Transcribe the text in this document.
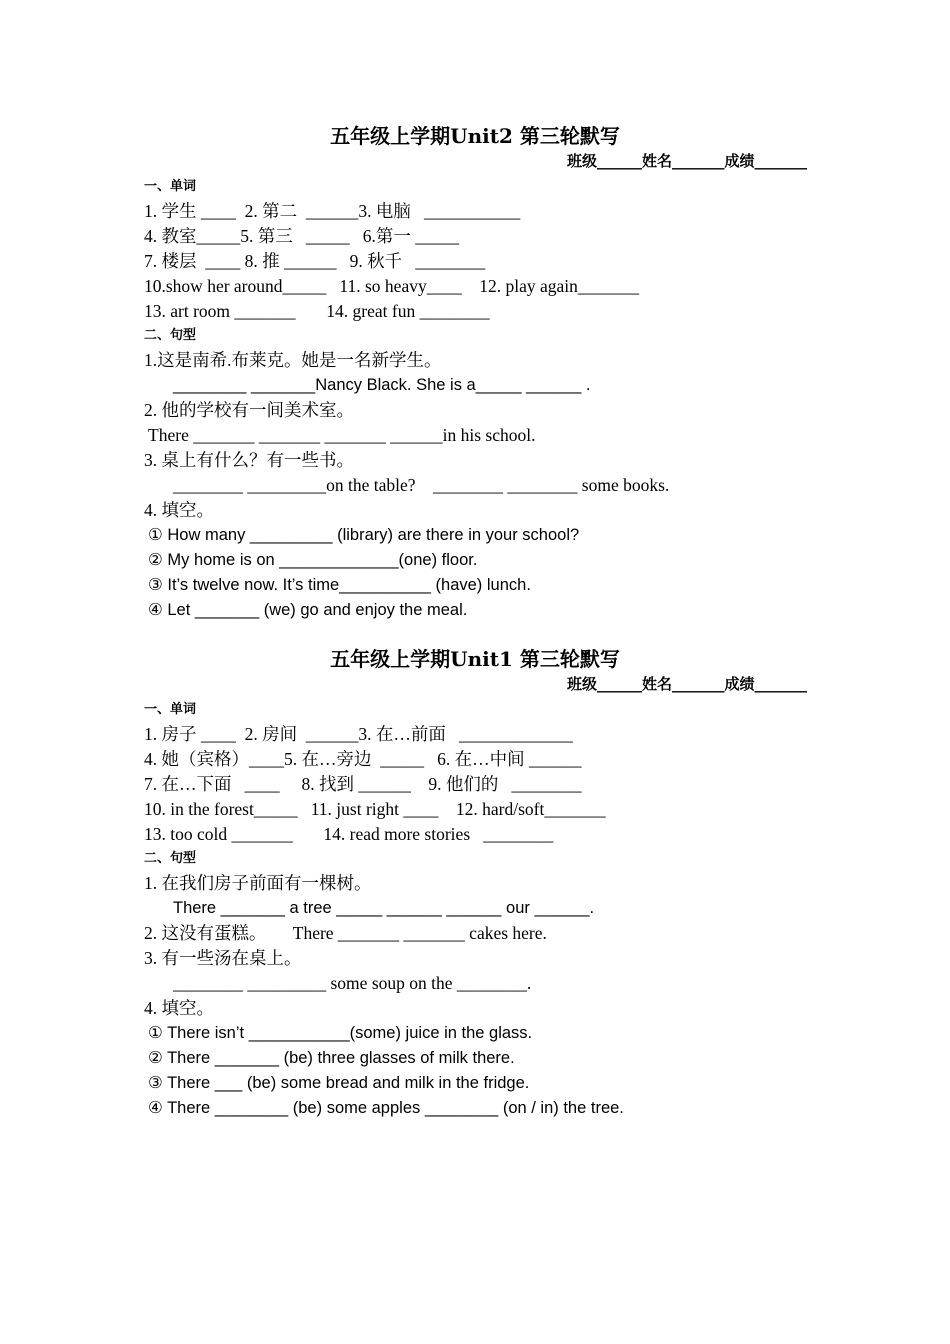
五年级上学期Unit2 第三轮默写
班级______姓名_______成绩_______
一、单词
1. 学生 ____  2. 第二  ______3. 电脑   ___________
4. 教室_____5. 第三   _____   6.第一 _____
7. 楼层  ____ 8. 推 ______   9. 秋千   ________
10.show her around_____   11. so heavy____    12. play again_______
13. art room _______       14. great fun ________
二、句型
1.这是南希.布莱克。她是一名新学生。
________ _______Nancy Black. She is a_____ ______ .
2. 他的学校有一间美术室。
There _______ _______ _______ ______in his school.
3. 桌上有什么？有一些书。
________ _________on the table?    ________ ________ some books.
4. 填空。
① How many _________ (library) are there in your school?
② My home is on _____________(one) floor.
③ It’s twelve now. It’s time__________ (have) lunch.
④ Let _______ (we) go and enjoy the meal.
五年级上学期Unit1 第三轮默写
班级______姓名_______成绩_______
一、单词
1. 房子 ____  2. 房间  ______3. 在…前面   _____________
4. 她（宾格）____5. 在…旁边  _____   6. 在…中间 ______
7. 在…下面   ____     8. 找到 ______    9. 他们的   ________
10. in the forest_____   11. just right ____    12. hard/soft_______
13. too cold _______       14. read more stories   ________
二、句型
1. 在我们房子前面有一棵树。
There _______ a tree _____ ______ ______ our ______.
2. 这没有蛋糕。      There _______ _______ cakes here.
3. 有一些汤在桌上。
________ _________ some soup on the ________.
4. 填空。
① There isn’t ___________(some) juice in the glass.
② There _______ (be) three glasses of milk there.
③ There ___ (be) some bread and milk in the fridge.
④ There ________ (be) some apples ________ (on / in) the tree.
